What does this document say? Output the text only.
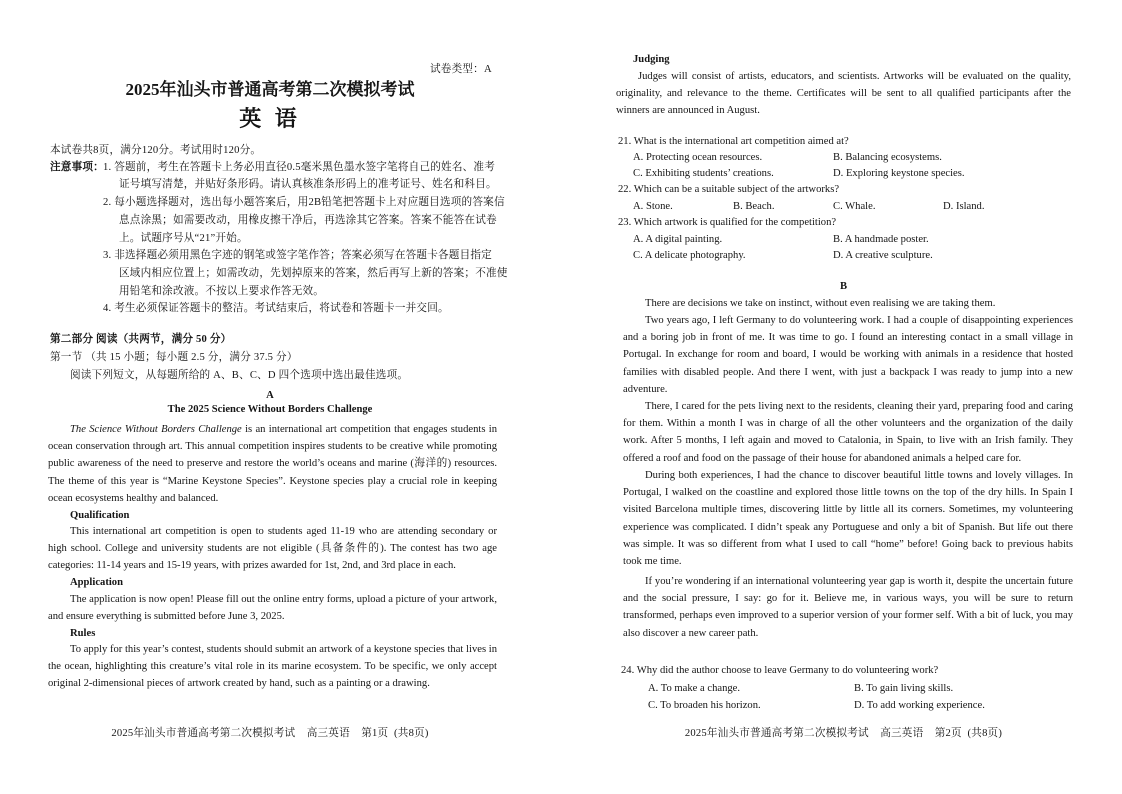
试卷类型：A
2025年汕头市普通高考第二次模拟考试
英 语
本试卷共8页，满分120分。考试用时120分。
注意事项： 1. 答题前，考生在答题卡上务必用直径0.5毫米黑色墨水签字笔将自己的姓名、准考
证号填写清楚，并贴好条形码。请认真核准条形码上的准考证号、姓名和科目。
2. 每小题选择题对，选出每小题答案后，用2B铅笔把答题卡上对应题目选项的答案信
息点涂黑；如需要改动，用橡皮擦干净后，再选涂其它答案。答案不能答在试卷
上。试题序号从“21”开始。
3. 非选择题必须用黑色字迹的钢笔或签字笔作答；答案必须写在答题卡各题目指定
区域内相应位置上；如需改动，先划掉原来的答案，然后再写上新的答案；不准使
用铅笔和涂改液。不按以上要求作答无效。
4. 考生必须保证答题卡的整洁。考试结束后，将试卷和答题卡一并交回。
第二部分 阅读（共两节，满分 50 分）
第一节 （共 15 小题；每小题 2.5 分，满分 37.5 分）
阅读下列短文，从每题所给的 A、B、C、D 四个选项中选出最佳选项。
A
The 2025 Science Without Borders Challenge
The Science Without Borders Challenge is an international art competition that engages students in ocean conservation through art. This annual competition inspires students to be creative while promoting public awareness of the need to preserve and restore the world’s oceans and marine (海洋的) resources. The theme of this year is “Marine Keystone Species”. Keystone species play a crucial role in keeping ocean ecosystems healthy and balanced.
Qualification
This international art competition is open to students aged 11-19 who are attending secondary or high school. College and university students are not eligible (具备条件的). The contest has two age categories: 11-14 years and 15-19 years, with prizes awarded for 1st, 2nd, and 3rd place in each.
Application
The application is now open! Please fill out the online entry forms, upload a picture of your artwork, and ensure everything is submitted before June 3, 2025.
Rules
To apply for this year’s contest, students should submit an artwork of a keystone species that lives in the ocean, highlighting this creature’s vital role in its marine ecosystem. To be specific, we only accept original 2-dimensional pieces of artwork created by hand, such as a painting or a drawing.
2025年汕头市普通高考第二次模拟考试    高三英语    第1页  (共8页)
Judging
Judges will consist of artists, educators, and scientists. Artworks will be evaluated on the quality, originality, and relevance to the theme. Certificates will be sent to all qualified participants after the winners are announced in August.
21. What is the international art competition aimed at?
A. Protecting ocean resources.	B. Balancing ecosystems.
C. Exhibiting students’ creations.	D. Exploring keystone species.
22. Which can be a suitable subject of the artworks?
A. Stone.	B. Beach.	C. Whale.	D. Island.
23. Which artwork is qualified for the competition?
A. A digital painting.	B. A handmade poster.
C. A delicate photography.	D. A creative sculpture.
B
There are decisions we take on instinct, without even realising we are taking them.
Two years ago, I left Germany to do volunteering work. I had a couple of disappointing experiences and a boring job in front of me. It was time to go. I found an interesting contact in a small village in Portugal. In exchange for room and board, I would be working with animals in a residence that hosted families with disabled people. And there I went, with just a backpack I was ready to jump into a new adventure.
There, I cared for the pets living next to the residents, cleaning their yard, preparing food and caring for them. Within a month I was in charge of all the other volunteers and the organization of the daily work. After 5 months, I left again and moved to Catalonia, in Spain, to live with an Irish family. They offered a roof and food on the passage of their house for abandoned animals a helped care for.
During both experiences, I had the chance to discover beautiful little towns and lovely villages. In Portugal, I walked on the coastline and explored those little towns on the top of the dry hills. In Spain I visited Barcelona multiple times, discovering little by little all its corners. Sometimes, my volunteering experience was complicated. I didn’t speak any Portuguese and only a bit of Spanish. But life out there was simple. It was so different from what I used to call “home” before! Going back to previous habits took me time.
If you’re wondering if an international volunteering year gap is worth it, despite the uncertain future and the social pressure, I say: go for it. Believe me, in various ways, you will be sure to return transformed, perhaps even improved to a superior version of your former self. With a bit of luck, you may also discover a new career path.
24. Why did the author choose to leave Germany to do volunteering work?
A. To make a change.	B. To gain living skills.
C. To broaden his horizon.	D. To add working experience.
2025年汕头市普通高考第二次模拟考试    高三英语    第2页  (共8页)
